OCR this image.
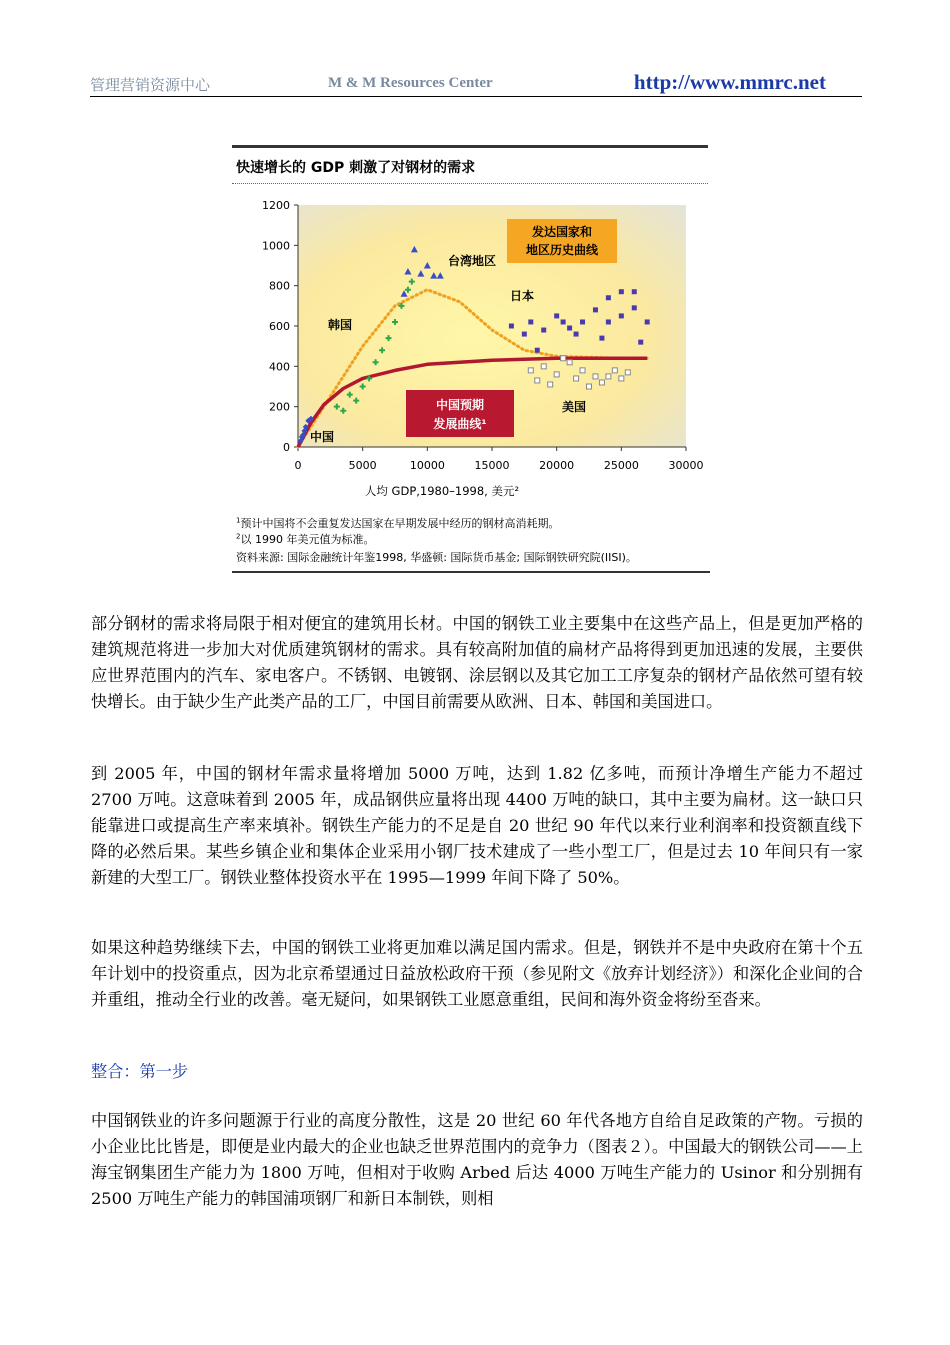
管理营销资源中心	M & M Resources Center	http://www.mmrc.net
快速增长的 GDP 刺激了对钢材的需求
$^1$预计中国将不会重复发达国家在早期发展中经历的钢材高消耗期。
$^2$以 1990 年美元值为标准。
资料来源: 国际金融统计年鉴1998, 华盛顿: 国际货币基金; 国际钢铁研究院(IISI)。
0	5000	10000	15000	20000	25000	30000
0
200
400
600
800
1000
1200
发达国家和
地区历史曲线
中国预期
发展曲线¹
台湾地区
韩国
日本
美国
中国
人均 GDP,1980–1998, 美元²

部分钢材的需求将局限于相对便宜的建筑用长材。中国的钢铁工业主要集中在这些产品上，但是更加严格的建筑规范将进一步加大对优质建筑钢材的需求。具有较高附加值的扁材产品将得到更加迅速的发展，主要供应世界范围内的汽车、家电客户。不锈钢、电镀钢、涂层钢以及其它加工工序复杂的钢材产品依然可望有较快增长。由于缺少生产此类产品的工厂，中国目前需要从欧洲、日本、韩国和美国进口。

到 2005 年，中国的钢材年需求量将增加 5000 万吨，达到 1.82 亿多吨，而预计净增生产能力不超过 2700 万吨。这意味着到 2005 年，成品钢供应量将出现 4400 万吨的缺口，其中主要为扁材。这一缺口只能靠进口或提高生产率来填补。钢铁生产能力的不足是自 20 世纪 90 年代以来行业利润率和投资额直线下降的必然后果。某些乡镇企业和集体企业采用小钢厂技术建成了一些小型工厂，但是过去 10 年间只有一家新建的大型工厂。钢铁业整体投资水平在 1995—1999 年间下降了 50%。

如果这种趋势继续下去，中国的钢铁工业将更加难以满足国内需求。但是，钢铁并不是中央政府在第十个五年计划中的投资重点，因为北京希望通过日益放松政府干预（参见附文《放弃计划经济》）和深化企业间的合并重组，推动全行业的改善。毫无疑问，如果钢铁工业愿意重组，民间和海外资金将纷至沓来。

整合：第一步

中国钢铁业的许多问题源于行业的高度分散性，这是 20 世纪 60 年代各地方自给自足政策的产物。亏损的小企业比比皆是，即便是业内最大的企业也缺乏世界范围内的竞争力（图表２）。中国最大的钢铁公司——上海宝钢集团生产能力为 1800 万吨，但相对于收购 Arbed 后达 4000 万吨生产能力的 Usinor 和分别拥有 2500 万吨生产能力的韩国浦项钢厂和新日本制铁，则相
